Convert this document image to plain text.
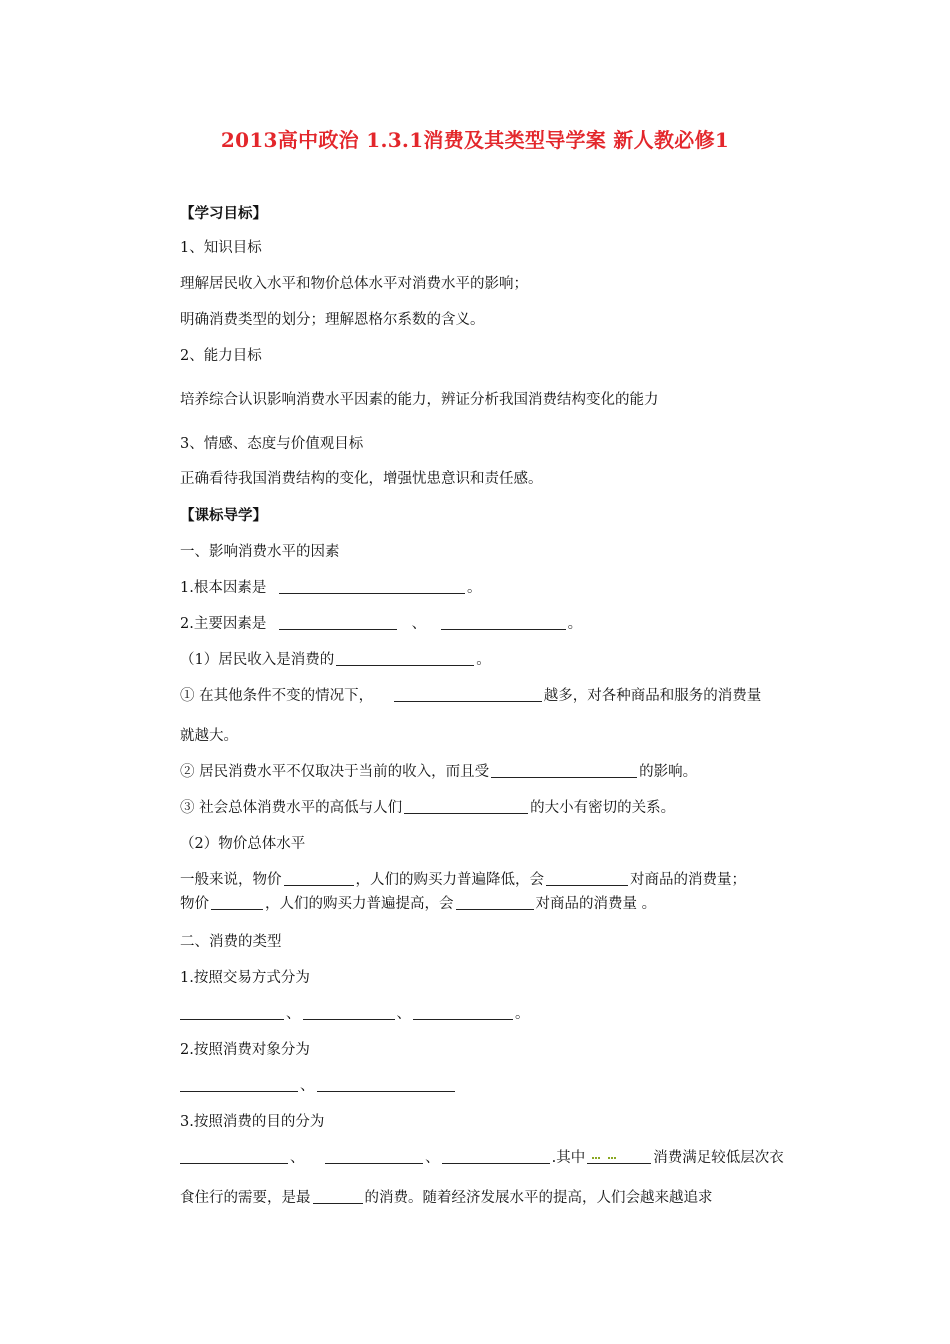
2013高中政治 1.3.1消费及其类型导学案 新人教必修1
【学习目标】
1、知识目标
理解居民收入水平和物价总体水平对消费水平的影响；
明确消费类型的划分；理解恩格尔系数的含义。
2、能力目标
培养综合认识影响消费水平因素的能力，辨证分析我国消费结构变化的能力
3、情感、态度与价值观目标
正确看待我国消费结构的变化，增强忧患意识和责任感。
【课标导学】
一、影响消费水平的因素
1.根本因素是	。
2.主要因素是	、	。
（1）居民收入是消费的	。
① 在其他条件不变的情况下，	越多，对各种商品和服务的消费量
就越大。
② 居民消费水平不仅取决于当前的收入，而且受	的影响。
③ 社会总体消费水平的高低与人们	的大小有密切的关系。
（2）物价总体水平
一般来说，物价	，人们的购买力普遍降低，会	对商品的消费量；
物价	，人们的购买力普遍提高，会	对商品的消费量 。
二、消费的类型
1.按照交易方式分为
、	、	。
2.按照消费对象分为
、
3.按照消费的目的分为
、	、	.其中	消费满足较低层次衣
食住行的需要，是最	的消费。随着经济发展水平的提高，人们会越来越追求
